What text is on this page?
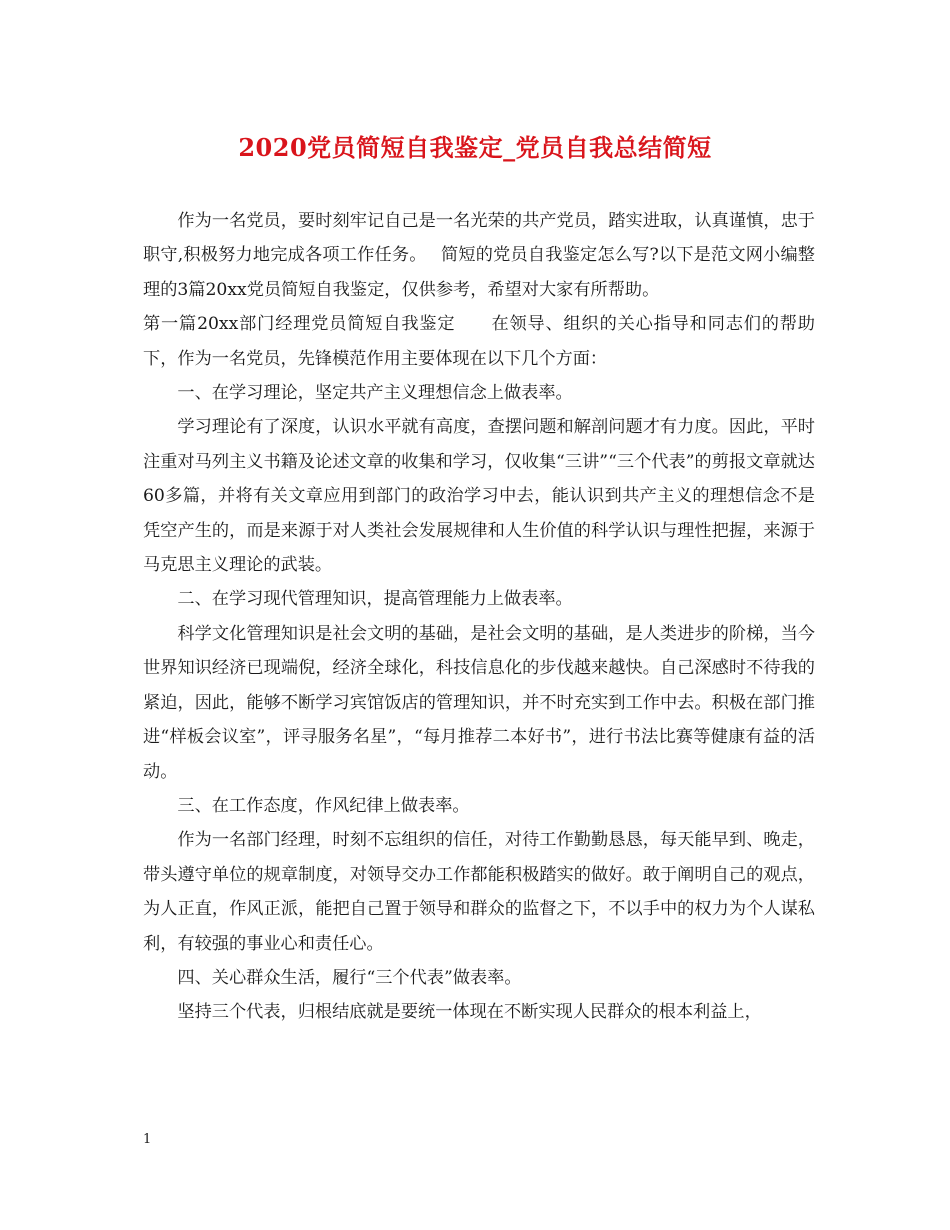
2020党员简短自我鉴定_党员自我总结简短

作为一名党员，要时刻牢记自己是一名光荣的共产党员，踏实进取，认真谨慎，忠于职守,积极努力地完成各项工作任务。　 简短的党员自我鉴定怎么写?以下是范文网小编整理的3篇20xx党员简短自我鉴定，仅供参考，希望对大家有所帮助。

第一篇20xx部门经理党员简短自我鉴定　　在领导、组织的关心指导和同志们的帮助下，作为一名党员，先锋模范作用主要体现在以下几个方面：

一、在学习理论，坚定共产主义理想信念上做表率。

学习理论有了深度，认识水平就有高度，查摆问题和解剖问题才有力度。因此，平时注重对马列主义书籍及论述文章的收集和学习，仅收集“三讲”“三个代表”的剪报文章就达60多篇，并将有关文章应用到部门的政治学习中去，能认识到共产主义的理想信念不是凭空产生的，而是来源于对人类社会发展规律和人生价值的科学认识与理性把握，来源于马克思主义理论的武装。

二、在学习现代管理知识，提高管理能力上做表率。

科学文化管理知识是社会文明的基础，是社会文明的基础，是人类进步的阶梯，当今世界知识经济已现端倪，经济全球化，科技信息化的步伐越来越快。自己深感时不待我的紧迫，因此，能够不断学习宾馆饭店的管理知识，并不时充实到工作中去。积极在部门推进“样板会议室”，评寻服务名星”，“每月推荐二本好书”，进行书法比赛等健康有益的活动。

三、在工作态度，作风纪律上做表率。

作为一名部门经理，时刻不忘组织的信任，对待工作勤勤恳恳，每天能早到、晚走，带头遵守单位的规章制度，对领导交办工作都能积极踏实的做好。敢于阐明自己的观点，为人正直，作风正派，能把自己置于领导和群众的监督之下，不以手中的权力为个人谋私利，有较强的事业心和责任心。

四、关心群众生活，履行“三个代表”做表率。

坚持三个代表，归根结底就是要统一体现在不断实现人民群众的根本利益上，

1
